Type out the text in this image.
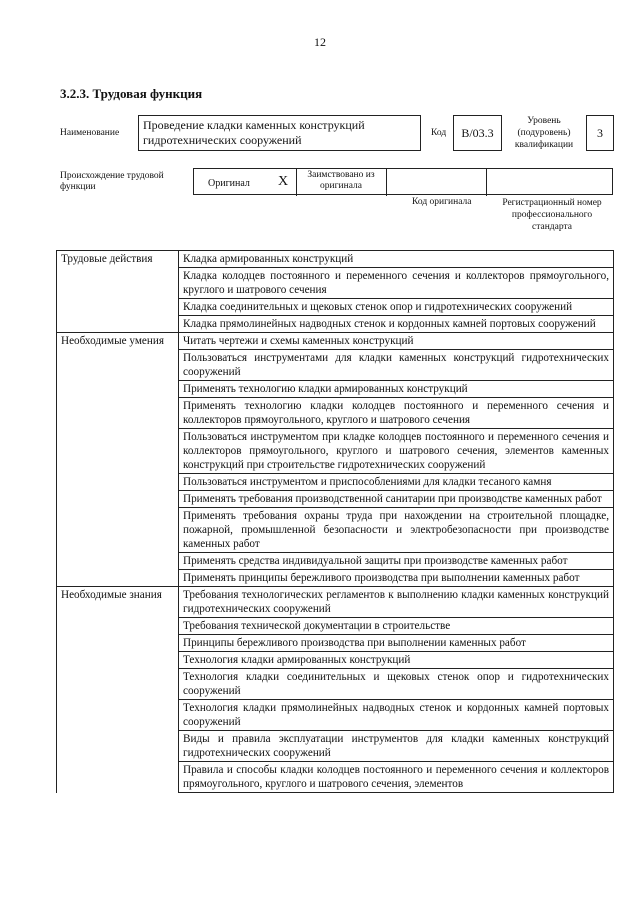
12
3.2.3. Трудовая функция
Наименование
Проведение кладки каменных конструкций гидротехнических сооружений	Код	В/03.3
Уровень (подуровень) квалификации
3
Происхождение трудовой функции	Оригинал X	Заимствовано из оригинала
Код оригинала	Регистрационный номер профессионального стандарта
Трудовые действия	Кладка армированных конструкций
	Кладка колодцев постоянного и переменного сечения и коллекторов прямоугольного, круглого и шатрового сечения
	Кладка соединительных и щековых стенок опор и гидротехнических сооружений
	Кладка прямолинейных надводных стенок и кордонных камней портовых сооружений
Необходимые умения	Читать чертежи и схемы каменных конструкций
	Пользоваться инструментами для кладки каменных конструкций гидротехнических сооружений
	Применять технологию кладки армированных конструкций
	Применять технологию кладки колодцев постоянного и переменного сечения и коллекторов прямоугольного, круглого и шатрового сечения
	Пользоваться инструментом при кладке колодцев постоянного и переменного сечения и коллекторов прямоугольного, круглого и шатрового сечения, элементов каменных конструкций при строительстве гидротехнических сооружений
	Пользоваться инструментом и приспособлениями для кладки тесаного камня
	Применять требования производственной санитарии при производстве каменных работ
	Применять требования охраны труда при нахождении на строительной площадке, пожарной, промышленной безопасности и электробезопасности при производстве каменных работ
	Применять средства индивидуальной защиты при производстве каменных работ
	Применять принципы бережливого производства при выполнении каменных работ
Необходимые знания	Требования технологических регламентов к выполнению кладки каменных конструкций гидротехнических сооружений
	Требования технической документации в строительстве
	Принципы бережливого производства при выполнении каменных работ
	Технология кладки армированных конструкций
	Технология кладки соединительных и щековых стенок опор и гидротехнических сооружений
	Технология кладки прямолинейных надводных стенок и кордонных камней портовых сооружений
	Виды и правила эксплуатации инструментов для кладки каменных конструкций гидротехнических сооружений
	Правила и способы кладки колодцев постоянного и переменного сечения и коллекторов прямоугольного, круглого и шатрового сечения, элементов
